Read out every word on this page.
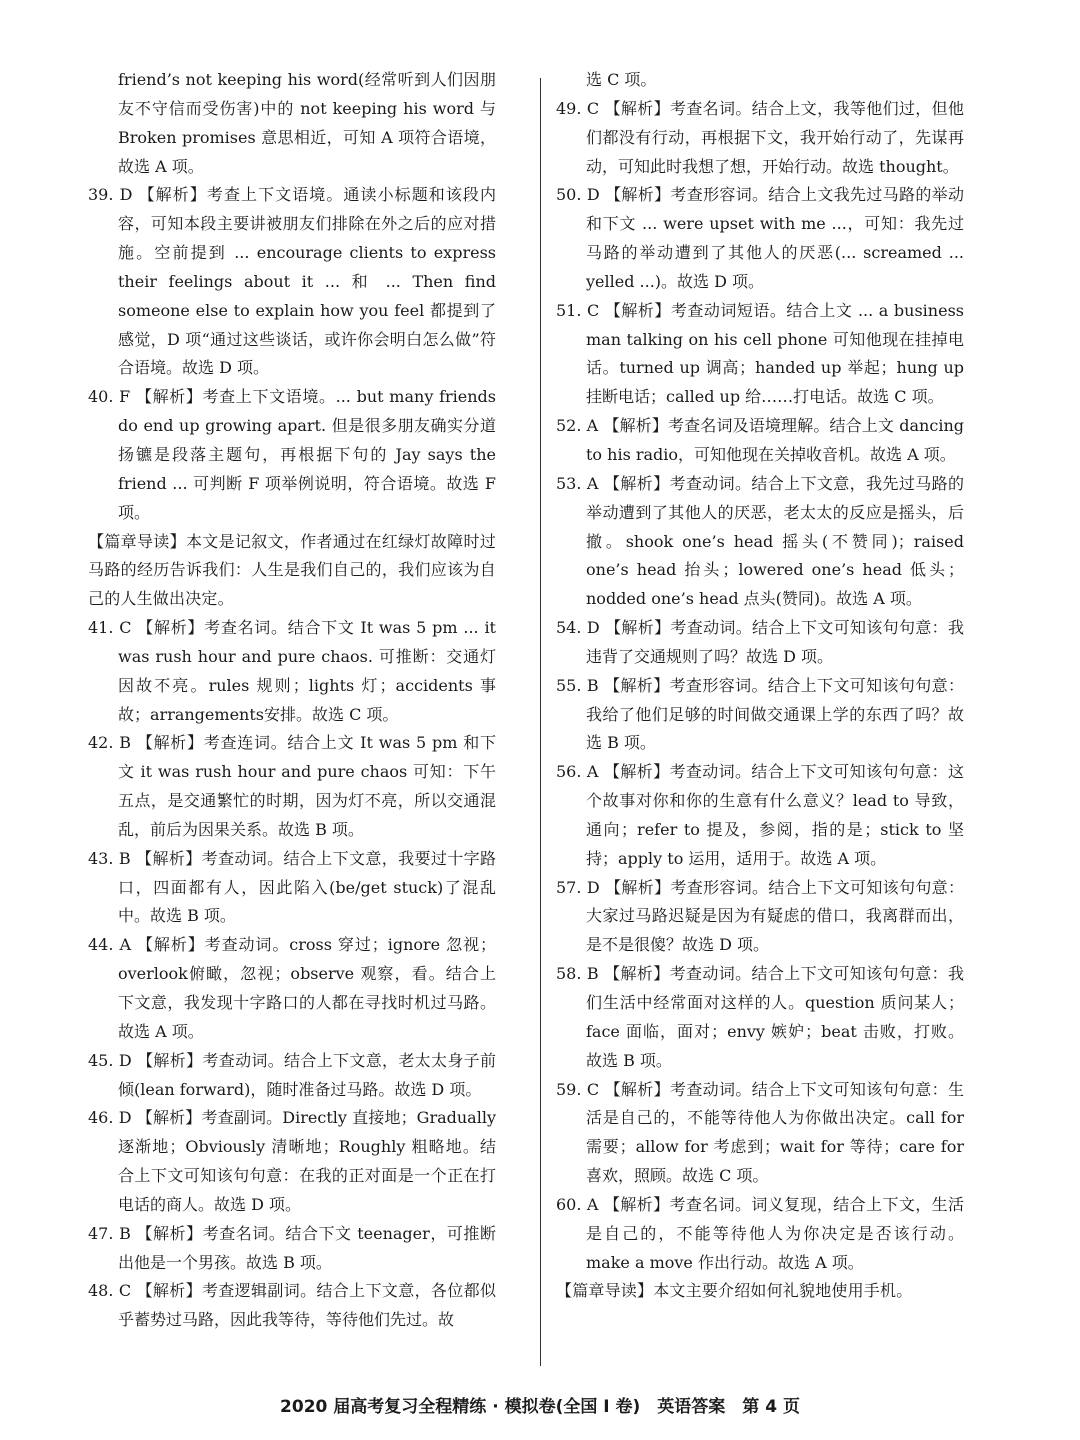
friend’s not keeping his word(经常听到人们因朋友不守信而受伤害)中的 not keeping his word 与 Broken promises 意思相近，可知 A 项符合语境，故选 A 项。

39. D 【解析】考查上下文语境。通读小标题和该段内容，可知本段主要讲被朋友们排除在外之后的应对措施。空前提到 ... encourage clients to express their feelings about it ... 和 ... Then find someone else to explain how you feel 都提到了感觉，D 项“通过这些谈话，或许你会明白怎么做”符合语境。故选 D 项。

40. F 【解析】考查上下文语境。... but many friends do end up growing apart. 但是很多朋友确实分道扬镳是段落主题句，再根据下句的 Jay says the friend ... 可判断 F 项举例说明，符合语境。故选 F 项。

【篇章导读】本文是记叙文，作者通过在红绿灯故障时过马路的经历告诉我们：人生是我们自己的，我们应该为自己的人生做出决定。

41. C 【解析】考查名词。结合下文 It was 5 pm ... it was rush hour and pure chaos. 可推断：交通灯因故不亮。rules 规则；lights 灯；accidents 事故；arrangements安排。故选 C 项。

42. B 【解析】考查连词。结合上文 It was 5 pm 和下文 it was rush hour and pure chaos 可知：下午五点，是交通繁忙的时期，因为灯不亮，所以交通混乱，前后为因果关系。故选 B 项。

43. B 【解析】考查动词。结合上下文意，我要过十字路口，四面都有人，因此陷入(be/get stuck)了混乱中。故选 B 项。

44. A 【解析】考查动词。cross 穿过；ignore 忽视；overlook俯瞰，忽视；observe 观察，看。结合上下文意，我发现十字路口的人都在寻找时机过马路。故选 A 项。

45. D 【解析】考查动词。结合上下文意，老太太身子前倾(lean forward)，随时准备过马路。故选 D 项。

46. D 【解析】考查副词。Directly 直接地；Gradually 逐渐地；Obviously 清晰地；Roughly 粗略地。结合上下文可知该句句意：在我的正对面是一个正在打电话的商人。故选 D 项。

47. B 【解析】考查名词。结合下文 teenager，可推断出他是一个男孩。故选 B 项。

48. C 【解析】考查逻辑副词。结合上下文意，各位都似乎蓄势过马路，因此我等待，等待他们先过。故

选 C 项。

49. C 【解析】考查名词。结合上文，我等他们过，但他们都没有行动，再根据下文，我开始行动了，先谋再动，可知此时我想了想，开始行动。故选 thought。

50. D 【解析】考查形容词。结合上文我先过马路的举动和下文 ... were upset with me ...，可知：我先过马路的举动遭到了其他人的厌恶(... screamed ... yelled ...)。故选 D 项。

51. C 【解析】考查动词短语。结合上文 ... a business man talking on his cell phone 可知他现在挂掉电话。turned up 调高；handed up 举起；hung up 挂断电话；called up 给……打电话。故选 C 项。

52. A 【解析】考查名词及语境理解。结合上文 dancing to his radio，可知他现在关掉收音机。故选 A 项。

53. A 【解析】考查动词。结合上下文意，我先过马路的举动遭到了其他人的厌恶，老太太的反应是摇头，后撤。shook one’s head 摇头(不赞同)；raised one’s head 抬头；lowered one’s head 低头；nodded one’s head 点头(赞同)。故选 A 项。

54. D 【解析】考查动词。结合上下文可知该句句意：我违背了交通规则了吗？故选 D 项。

55. B 【解析】考查形容词。结合上下文可知该句句意：我给了他们足够的时间做交通课上学的东西了吗？故选 B 项。

56. A 【解析】考查动词。结合上下文可知该句句意：这个故事对你和你的生意有什么意义？lead to 导致，通向；refer to 提及，参阅，指的是；stick to 坚持；apply to 运用，适用于。故选 A 项。

57. D 【解析】考查形容词。结合上下文可知该句句意：大家过马路迟疑是因为有疑虑的借口，我离群而出，是不是很傻？故选 D 项。

58. B 【解析】考查动词。结合上下文可知该句句意：我们生活中经常面对这样的人。question 质问某人；face 面临，面对；envy 嫉妒；beat 击败，打败。故选 B 项。

59. C 【解析】考查动词。结合上下文可知该句句意：生活是自己的，不能等待他人为你做出决定。call for 需要；allow for 考虑到；wait for 等待；care for 喜欢，照顾。故选 C 项。

60. A 【解析】考查名词。词义复现，结合上下文，生活是自己的，不能等待他人为你决定是否该行动。make a move 作出行动。故选 A 项。

【篇章导读】本文主要介绍如何礼貌地使用手机。

2020 届高考复习全程精练 · 模拟卷(全国 Ⅰ 卷)　英语答案　第 4 页
